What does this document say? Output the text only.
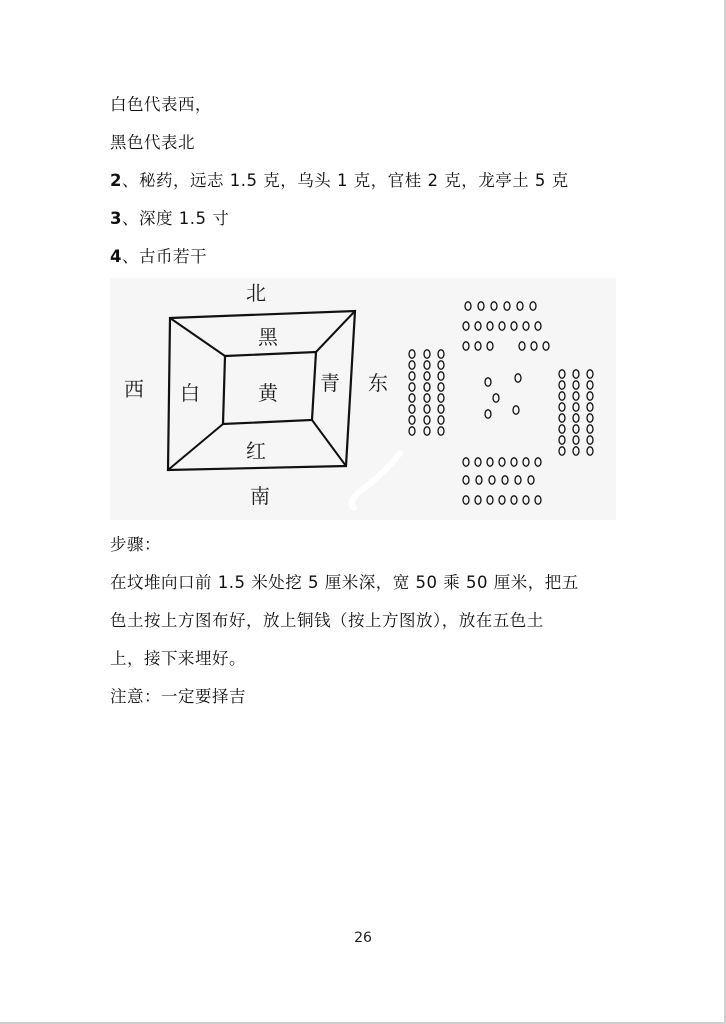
白色代表西，
黑色代表北
2、秘药，远志 1.5 克，乌头 1 克，官桂 2 克，龙亭土 5 克
3、深度 1.5 寸
4、古币若干
北
黑
西 白	黄 青 东
红
南
步骤：
在坟堆向口前 1.5 米处挖 5 厘米深，宽 50 乘 50 厘米，把五
色土按上方图布好，放上铜钱（按上方图放），放在五色土
上，接下来埋好。
注意：一定要择吉
26
